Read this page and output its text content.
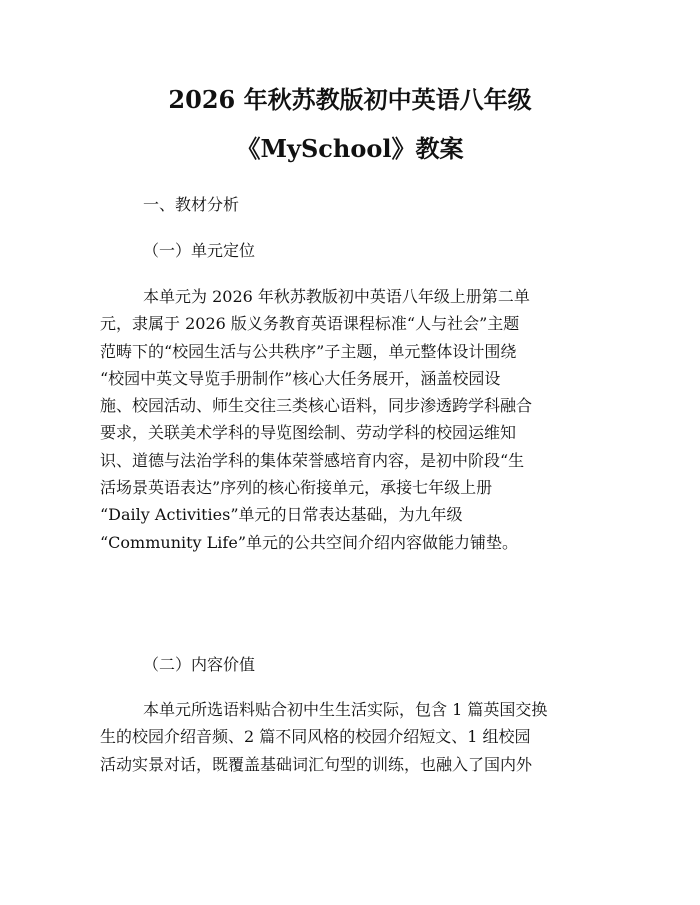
2026 年秋苏教版初中英语八年级
《MySchool》教案

一、教材分析

（一）单元定位

本单元为 2026 年秋苏教版初中英语八年级上册第二单
元，隶属于 2026 版义务教育英语课程标准“人与社会”主题
范畴下的“校园生活与公共秩序”子主题，单元整体设计围绕
“校园中英文导览手册制作”核心大任务展开，涵盖校园设
施、校园活动、师生交往三类核心语料，同步渗透跨学科融合
要求，关联美术学科的导览图绘制、劳动学科的校园运维知
识、道德与法治学科的集体荣誉感培育内容，是初中阶段“生
活场景英语表达”序列的核心衔接单元，承接七年级上册
“Daily Activities”单元的日常表达基础，为九年级
“Community Life”单元的公共空间介绍内容做能力铺垫。

（二）内容价值

本单元所选语料贴合初中生生活实际，包含 1 篇英国交换
生的校园介绍音频、2 篇不同风格的校园介绍短文、1 组校园
活动实景对话，既覆盖基础词汇句型的训练，也融入了国内外
